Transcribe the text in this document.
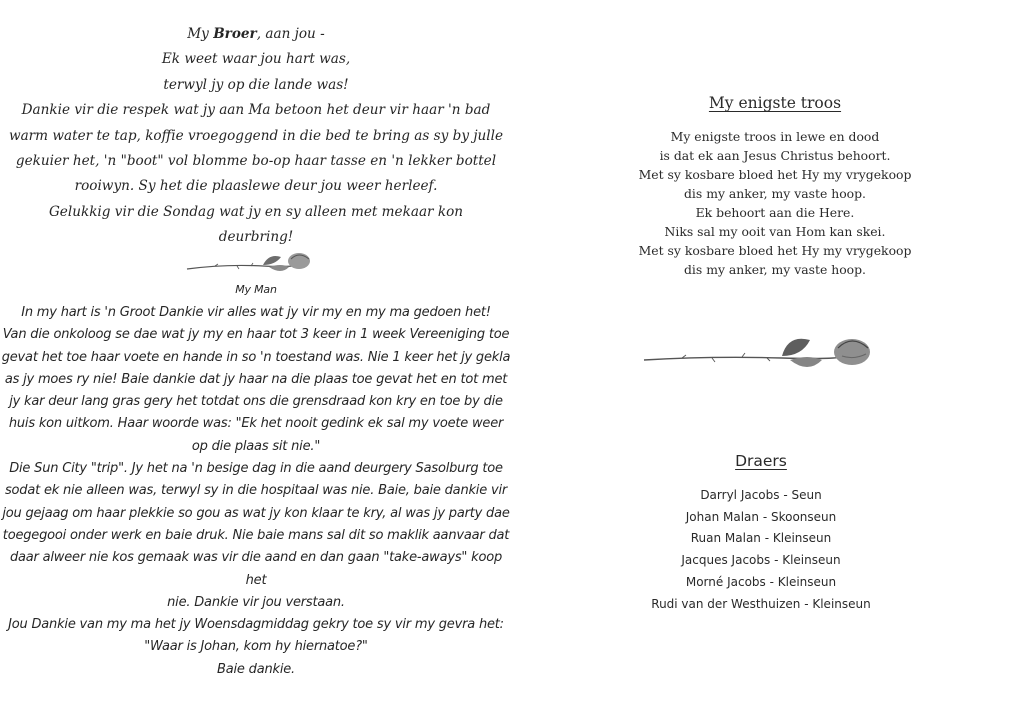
My Broer, aan jou -
Ek weet waar jou hart was,
terwyl jy op die lande was!
Dankie vir die respek wat jy aan Ma betoon het deur vir haar 'n bad
warm water te tap, koffie vroegoggend in die bed te bring as sy by julle
gekuier het, 'n "boot" vol blomme bo-op haar tasse en 'n lekker bottel
rooiwyn. Sy het die plaaslewe deur jou weer herleef.
Gelukkig vir die Sondag wat jy en sy alleen met mekaar kon
deurbring!

My Man

In my hart is 'n Groot Dankie vir alles wat jy vir my en my ma gedoen het!
Van die onkoloog se dae wat jy my en haar tot 3 keer in 1 week Vereeniging toe
gevat het toe haar voete en hande in so 'n toestand was. Nie 1 keer het jy gekla
as jy moes ry nie! Baie dankie dat jy haar na die plaas toe gevat het en tot met
jy kar deur lang gras gery het totdat ons die grensdraad kon kry en toe by die
huis kon uitkom. Haar woorde was: "Ek het nooit gedink ek sal my voete weer
op die plaas sit nie."
Die Sun City "trip". Jy het na 'n besige dag in die aand deurgery Sasolburg toe
sodat ek nie alleen was, terwyl sy in die hospitaal was nie. Baie, baie dankie vir
jou gejaag om haar plekkie so gou as wat jy kon klaar te kry, al was jy party dae
toegegooi onder werk en baie druk. Nie baie mans sal dit so maklik aanvaar dat
daar alweer nie kos gemaak was vir die aand en dan gaan "take-aways" koop het
nie. Dankie vir jou verstaan.
Jou Dankie van my ma het jy Woensdagmiddag gekry toe sy vir my gevra het:
"Waar is Johan, kom hy hiernatoe?"
Baie dankie.

My enigste troos
My enigste troos in lewe en dood
is dat ek aan Jesus Christus behoort.
Met sy kosbare bloed het Hy my vrygekoop
dis my anker, my vaste hoop.
Ek behoort aan die Here.
Niks sal my ooit van Hom kan skei.
Met sy kosbare bloed het Hy my vrygekoop
dis my anker, my vaste hoop.
Draers
Darryl Jacobs - Seun
Johan Malan - Skoonseun
Ruan Malan - Kleinseun
Jacques Jacobs - Kleinseun
Morné Jacobs - Kleinseun
Rudi van der Westhuizen - Kleinseun
